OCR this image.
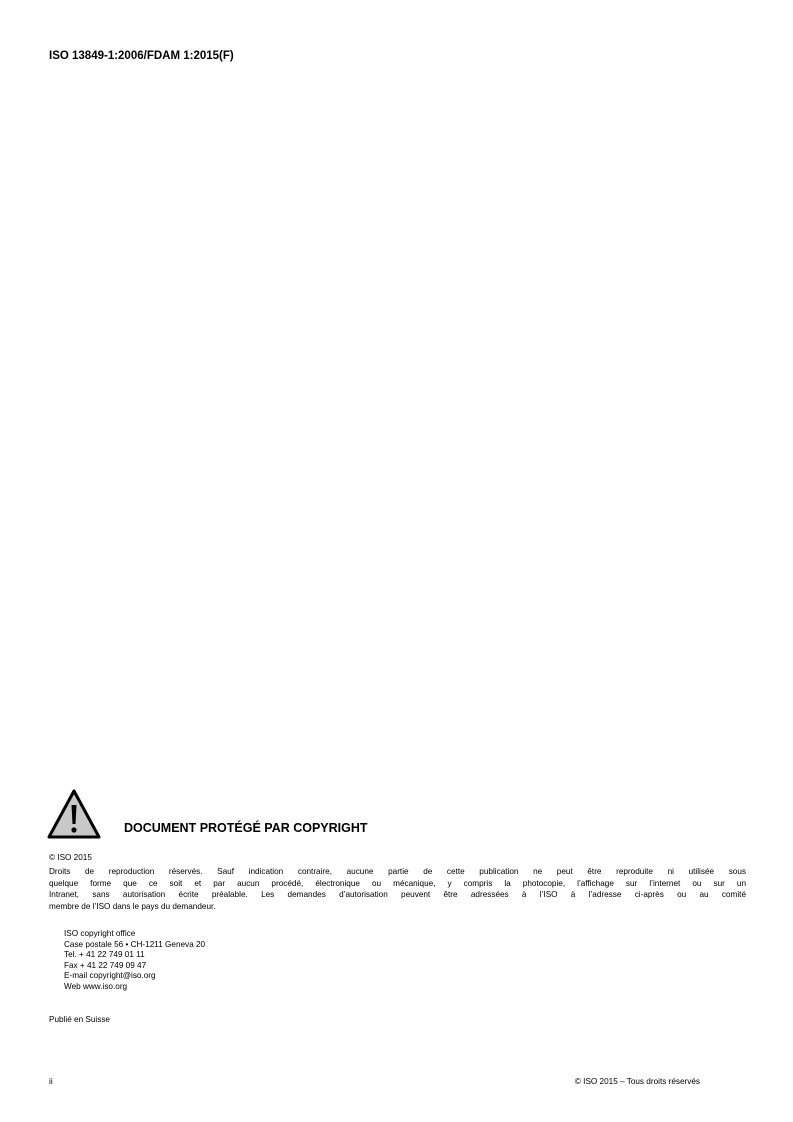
ISO 13849-1:2006/FDAM 1:2015(F)
DOCUMENT PROTÉGÉ PAR COPYRIGHT
© ISO 2015
Droits de reproduction réservés. Sauf indication contraire, aucune partie de cette publication ne peut être reproduite ni utilisée sous
quelque forme que ce soit et par aucun procédé, électronique ou mécanique, y compris la photocopie, l’affichage sur l’internet ou sur un
Intranet, sans autorisation écrite préalable. Les demandes d’autorisation peuvent être adressées à l’ISO à l’adresse ci-après ou au comité
membre de l’ISO dans le pays du demandeur.
ISO copyright office
Case postale 56 • CH-1211 Geneva 20
Tel. + 41 22 749 01 11
Fax + 41 22 749 09 47
E-mail copyright@iso.org
Web www.iso.org
Publié en Suisse
ii	© ISO 2015 – Tous droits réservés
